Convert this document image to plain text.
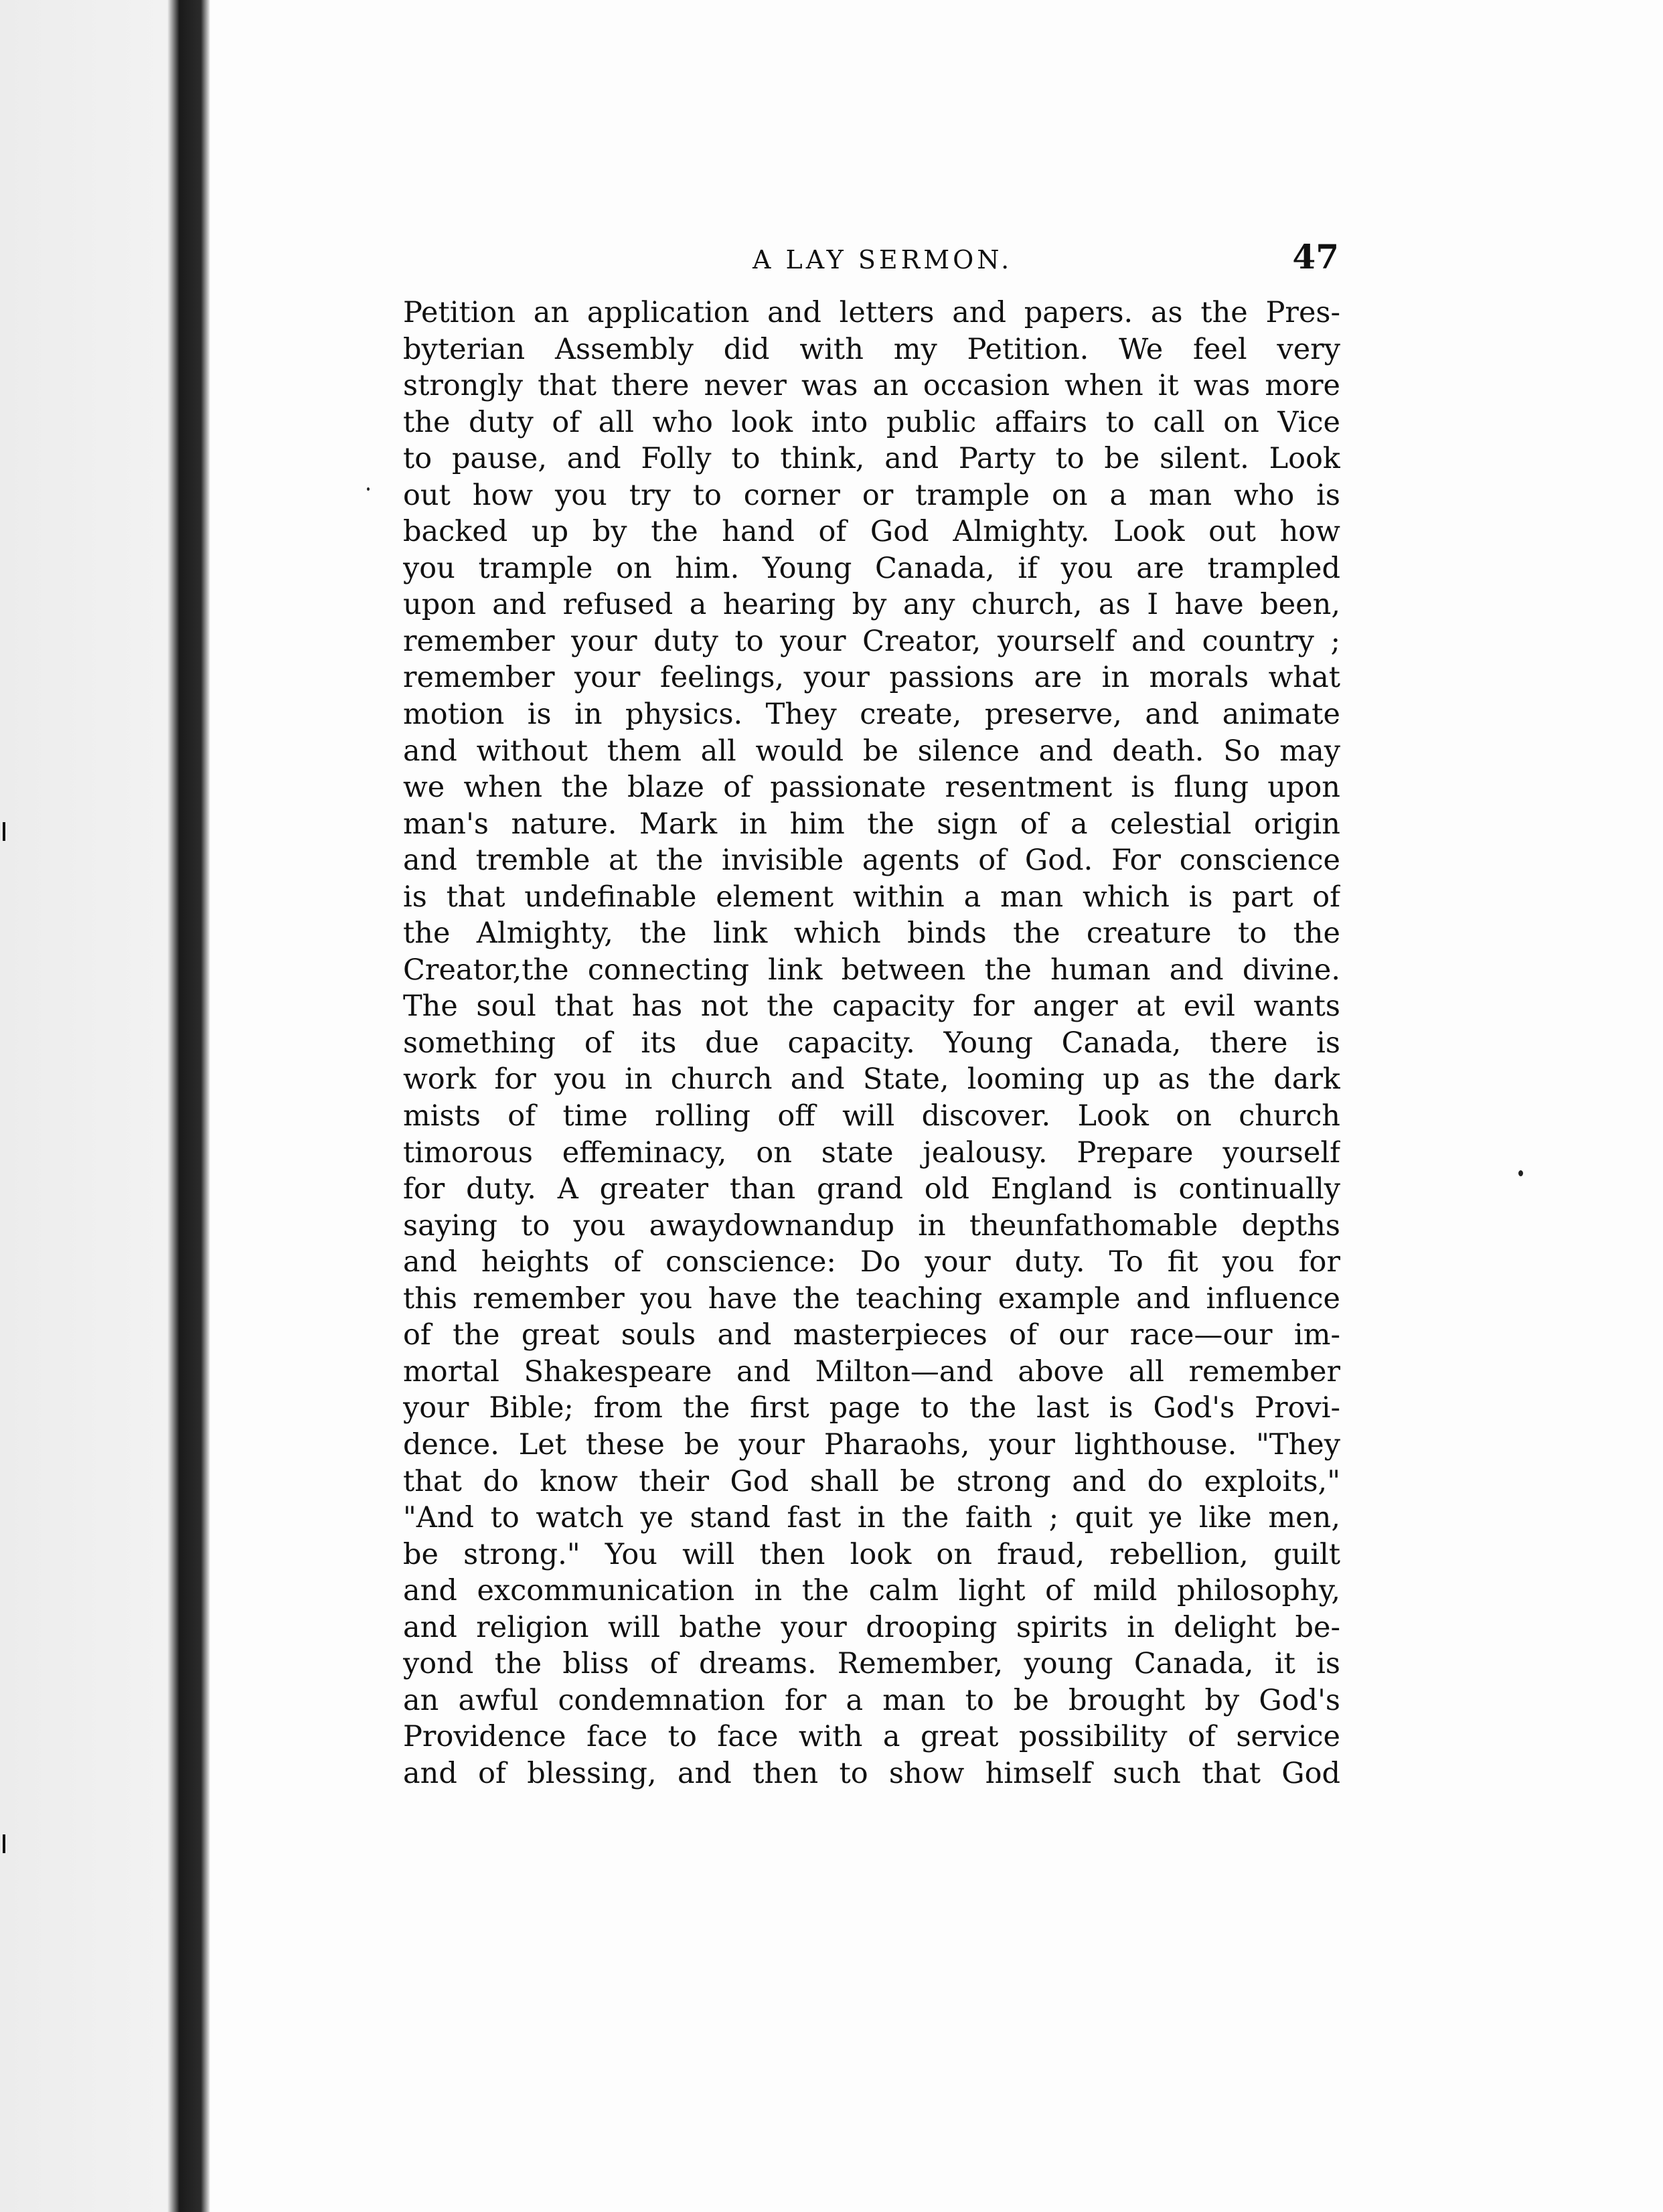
A LAY SERMON.	47
Petition an application and letters and papers. as the Pres-
byterian Assembly did with my Petition. We feel very
strongly that there never was an occasion when it was more
the duty of all who look into public affairs to call on Vice
to pause, and Folly to think, and Party to be silent. Look
out how you try to corner or trample on a man who is
backed up by the hand of God Almighty. Look out how
you trample on him. Young Canada, if you are trampled
upon and refused a hearing by any church, as I have been,
remember your duty to your Creator, yourself and country ;
remember your feelings, your passions are in morals what
motion is in physics. They create, preserve, and animate
and without them all would be silence and death. So may
we when the blaze of passionate resentment is flung upon
man's nature. Mark in him the sign of a celestial origin
and tremble at the invisible agents of God. For conscience
is that undefinable element within a man which is part of
the Almighty, the link which binds the creature to the
Creator,the connecting link between the human and divine.
The soul that has not the capacity for anger at evil wants
something of its due capacity. Young Canada, there is
work for you in church and State, looming up as the dark
mists of time rolling off will discover. Look on church
timorous effeminacy, on state jealousy. Prepare yourself
for duty. A greater than grand old England is continually
saying to you awaydownandup in theunfathomable depths
and heights of conscience: Do your duty. To fit you for
this remember you have the teaching example and influence
of the great souls and masterpieces of our race—our im-
mortal Shakespeare and Milton—and above all remember
your Bible; from the first page to the last is God's Provi-
dence. Let these be your Pharaohs, your lighthouse. "They
that do know their God shall be strong and do exploits,"
"And to watch ye stand fast in the faith ; quit ye like men,
be strong." You will then look on fraud, rebellion, guilt
and excommunication in the calm light of mild philosophy,
and religion will bathe your drooping spirits in delight be-
yond the bliss of dreams. Remember, young Canada, it is
an awful condemnation for a man to be brought by God's
Providence face to face with a great possibility of service
and of blessing, and then to show himself such that God
